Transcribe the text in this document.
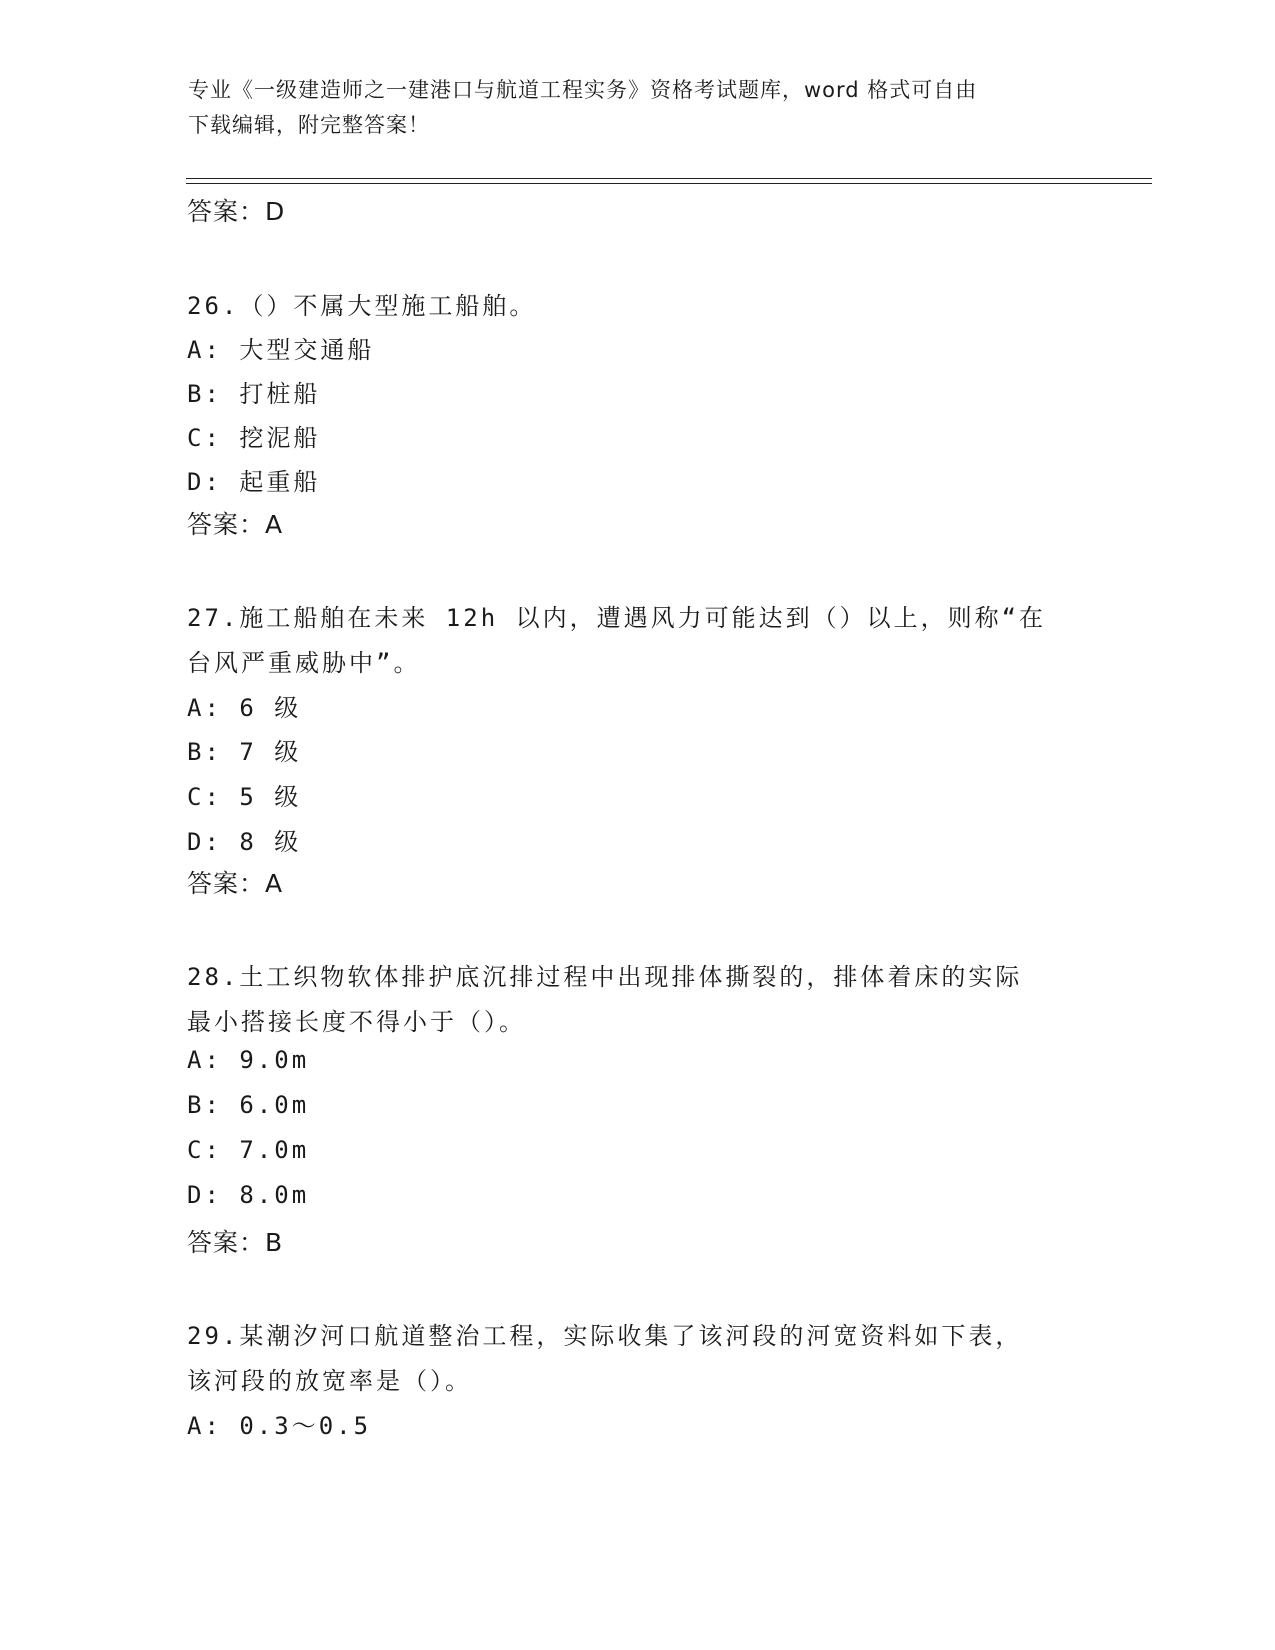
专业《一级建造师之一建港口与航道工程实务》资格考试题库，word 格式可自由
下载编辑，附完整答案！
答案：D
26.（）不属大型施工船舶。
A: 大型交通船
B: 打桩船
C: 挖泥船
D: 起重船
答案：A
27.施工船舶在未来 12h 以内，遭遇风力可能达到（）以上，则称“在
台风严重威胁中”。
A: 6 级
B: 7 级
C: 5 级
D: 8 级
答案：A
28.土工织物软体排护底沉排过程中出现排体撕裂的，排体着床的实际
最小搭接长度不得小于（）。
A: 9.0m
B: 6.0m
C: 7.0m
D: 8.0m
答案：B
29.某潮汐河口航道整治工程，实际收集了该河段的河宽资料如下表，
该河段的放宽率是（）。
A: 0.3～0.5
